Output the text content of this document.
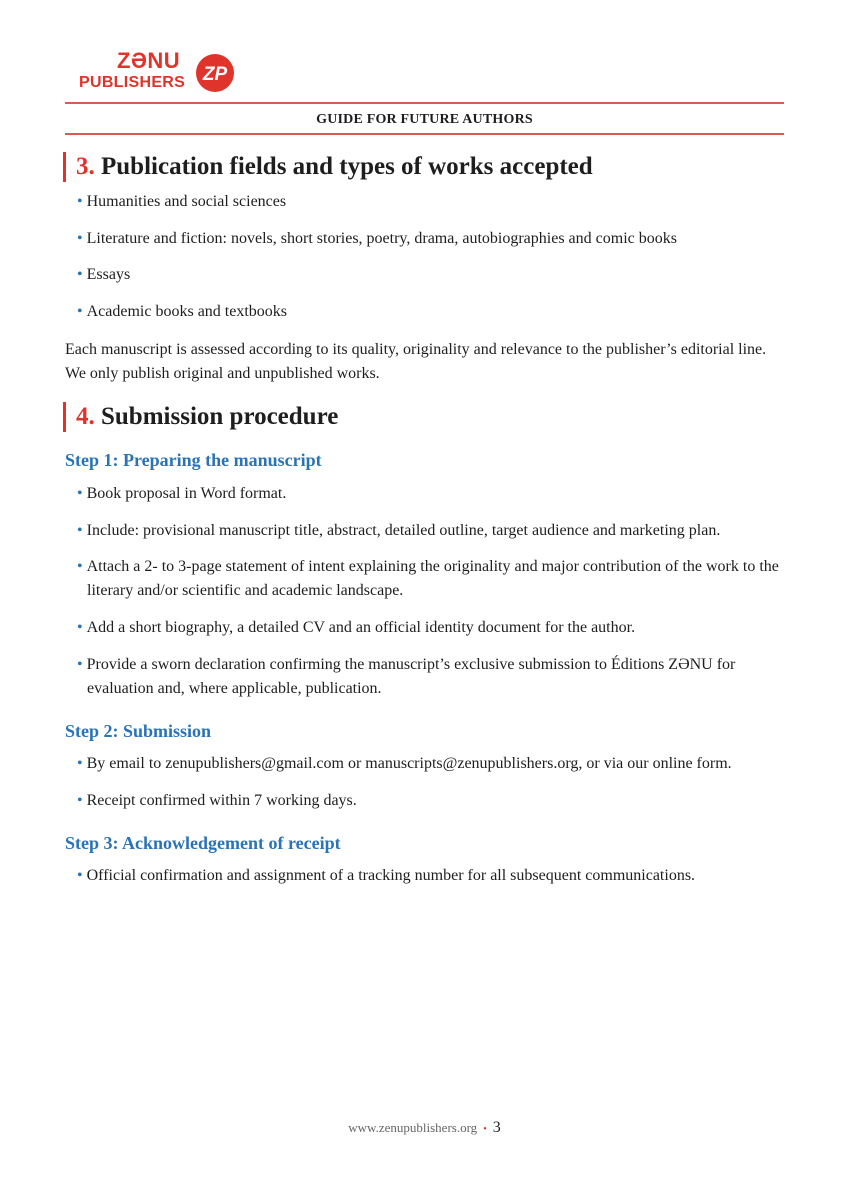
ZƏNU
PUBLISHERS ZP
GUIDE FOR FUTURE AUTHORS
3. Publication fields and types of works accepted
• Humanities and social sciences
• Literature and fiction: novels, short stories, poetry, drama, autobiographies and comic books
• Essays
• Academic books and textbooks
Each manuscript is assessed according to its quality, originality and relevance to the publisher’s editorial line. We only publish original and unpublished works.
4. Submission procedure
Step 1: Preparing the manuscript
• Book proposal in Word format.
• Include: provisional manuscript title, abstract, detailed outline, target audience and marketing plan.
• Attach a 2- to 3-page statement of intent explaining the originality and major contribution of the work to the literary and/or scientific and academic landscape.
• Add a short biography, a detailed CV and an official identity document for the author.
• Provide a sworn declaration confirming the manuscript’s exclusive submission to Éditions ZƏNU for evaluation and, where applicable, publication.
Step 2: Submission
• By email to zenupublishers@gmail.com or manuscripts@zenupublishers.org, or via our online form.
• Receipt confirmed within 7 working days.
Step 3: Acknowledgement of receipt
• Official confirmation and assignment of a tracking number for all subsequent communications.
www.zenupublishers.org • 3
